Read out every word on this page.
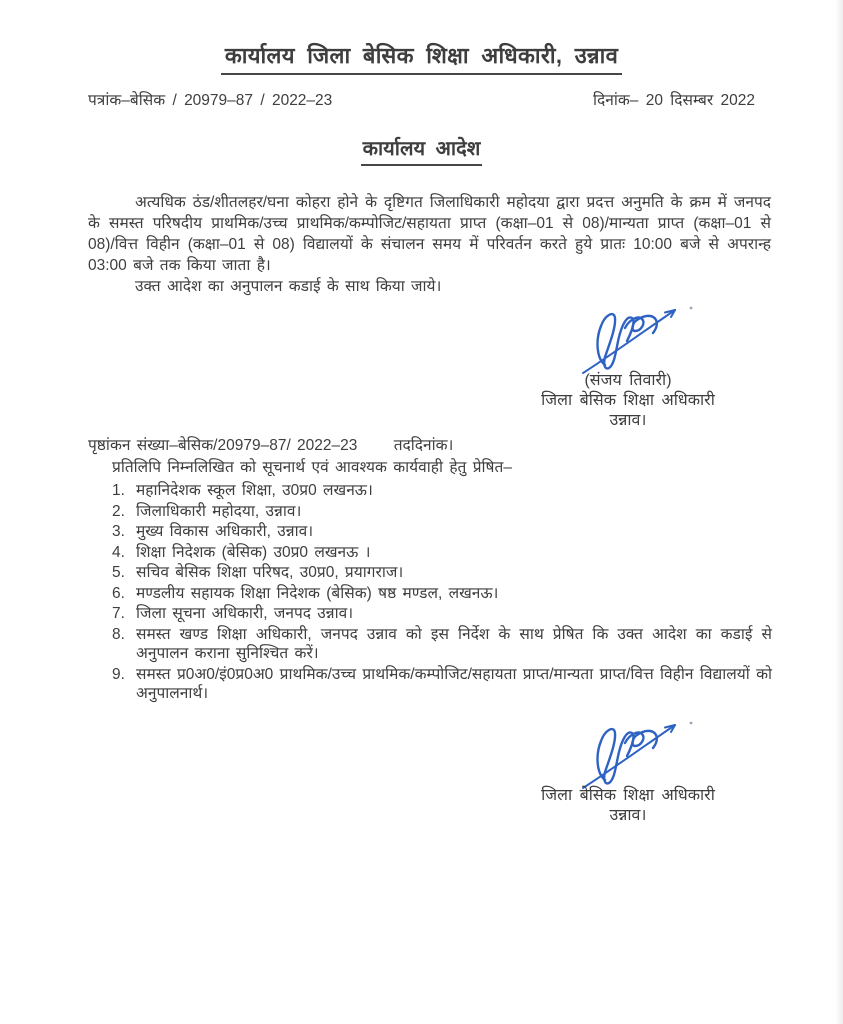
कार्यालय जिला बेसिक शिक्षा अधिकारी, उन्नाव
पत्रांक–बेसिक / 20979–87 / 2022–23	दिनांक– 20 दिसम्बर 2022
कार्यालय आदेश

अत्यधिक ठंड/शीतलहर/घना कोहरा होने के दृष्टिगत जिलाधिकारी महोदया द्वारा प्रदत्त अनुमति के क्रम में जनपद के समस्त परिषदीय प्राथमिक/उच्च प्राथमिक/कम्पोजिट/सहायता प्राप्त (कक्षा–01 से 08)/मान्यता प्राप्त (कक्षा–01 से 08)/वित्त विहीन (कक्षा–01 से 08) विद्यालयों के संचालन समय में परिवर्तन करते हुये प्रातः 10:00 बजे से अपरान्ह 03:00 बजे तक किया जाता है।

उक्त आदेश का अनुपालन कडाई के साथ किया जाये।

(संजय तिवारी)
जिला बेसिक शिक्षा अधिकारी
उन्नाव।
पृष्ठांकन संख्या–बेसिक/20979–87/ 2022–23 तददिनांक।
प्रतिलिपि निम्नलिखित को सूचनार्थ एवं आवश्यक कार्यवाही हेतु प्रेषित–
महानिदेशक स्कूल शिक्षा, उ0प्र0 लखनऊ।
जिलाधिकारी महोदया, उन्नाव।
मुख्य विकास अधिकारी, उन्नाव।
शिक्षा निदेशक (बेसिक) उ0प्र0 लखनऊ ।
सचिव बेसिक शिक्षा परिषद, उ0प्र0, प्रयागराज।
मण्डलीय सहायक शिक्षा निदेशक (बेसिक) षष्ठ मण्डल, लखनऊ।
जिला सूचना अधिकारी, जनपद उन्नाव।
समस्त खण्ड शिक्षा अधिकारी, जनपद उन्नाव को इस निर्देश के साथ प्रेषित कि उक्त आदेश का कडाई से अनुपालन कराना सुनिश्चित करें।
समस्त प्र0अ0/इं0प्र0अ0 प्राथमिक/उच्च प्राथमिक/कम्पोजिट/सहायता प्राप्त/मान्यता प्राप्त/वित्त विहीन विद्यालयों को अनुपालनार्थ।
जिला बेसिक शिक्षा अधिकारी
उन्नाव।
